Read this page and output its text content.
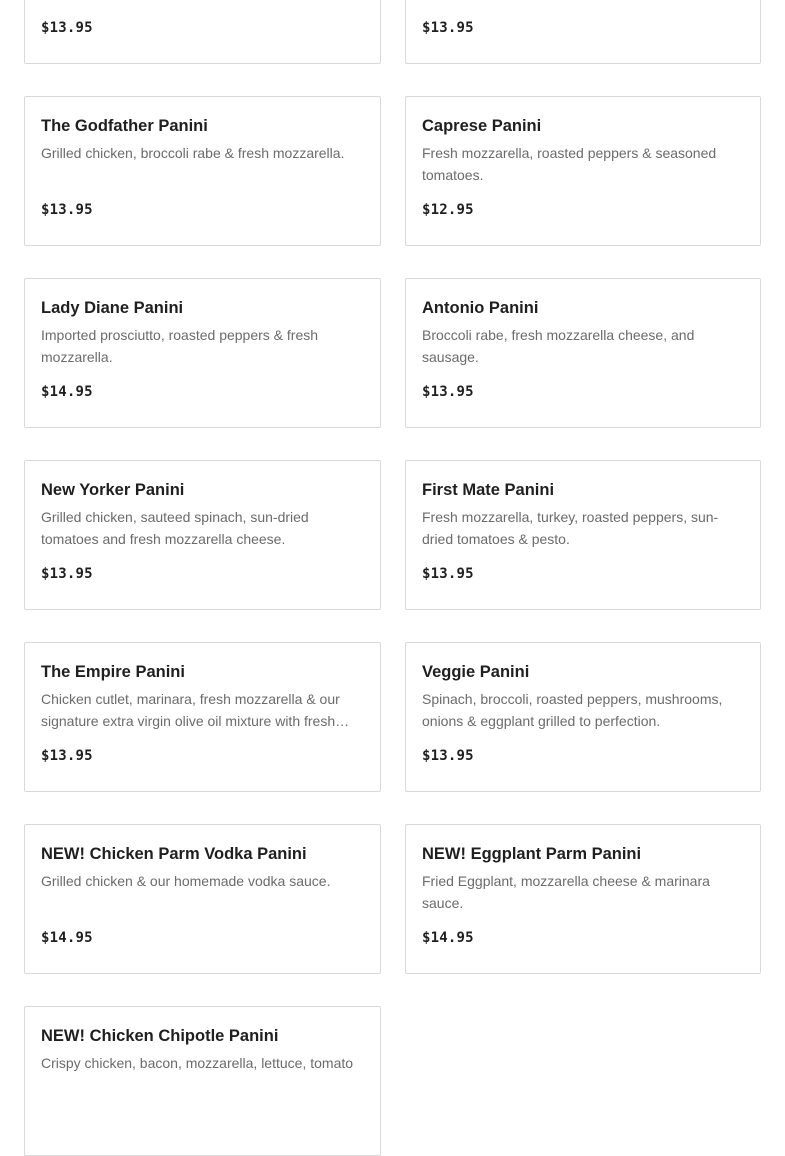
$13.95	$13.95
The Godfather Panini

Grilled chicken, broccoli rabe & fresh mozzarella.

$13.95
Caprese Panini

Fresh mozzarella, roasted peppers & seasoned tomatoes.

$12.95
Lady Diane Panini

Imported prosciutto, roasted peppers & fresh mozzarella.

$14.95
Antonio Panini

Broccoli rabe, fresh mozzarella cheese, and sausage.

$13.95
New Yorker Panini

Grilled chicken, sauteed spinach, sun-dried tomatoes and fresh mozzarella cheese.

$13.95
First Mate Panini

Fresh mozzarella, turkey, roasted peppers, sun-dried tomatoes & pesto.

$13.95
The Empire Panini

Chicken cutlet, marinara, fresh mozzarella & our signature extra virgin olive oil mixture with fresh…

$13.95
Veggie Panini

Spinach, broccoli, roasted peppers, mushrooms, onions & eggplant grilled to perfection.

$13.95
NEW! Chicken Parm Vodka Panini

Grilled chicken & our homemade vodka sauce.

$14.95
NEW! Eggplant Parm Panini

Fried Eggplant, mozzarella cheese & marinara sauce.

$14.95
NEW! Chicken Chipotle Panini

Crispy chicken, bacon, mozzarella, lettuce, tomato
